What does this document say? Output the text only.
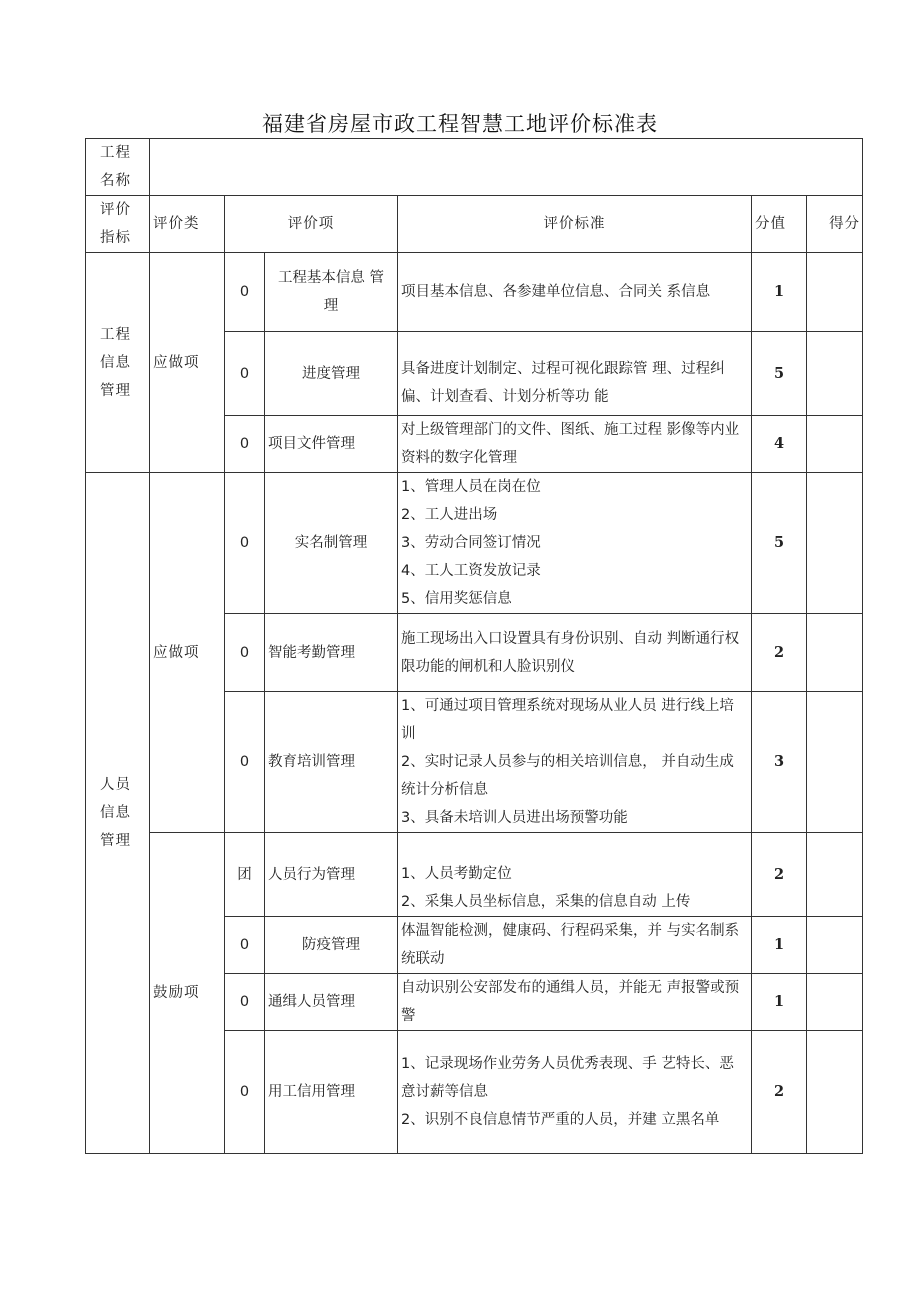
福建省房屋市政工程智慧工地评价标准表
工程名称						
评价指标	评价类	评价项		评价标准	分值	得分
工程信息管理	应做项	0	工程基本信息 管理	项目基本信息、各参建单位信息、合同关 系信息	1	
		0	进度管理	具备进度计划制定、过程可视化跟踪管 理、过程纠偏、计划查看、计划分析等功 能	5	
		0	项目文件管理	对上级管理部门的文件、图纸、施工过程 影像等内业资料的数字化管理	4	
人员信息管理	应做项	0	实名制管理	1、管理人员在岗在位
2、工人进出场
3、劳动合同签订情况
4、工人工资发放记录
5、信用奖惩信息	5	
		0	智能考勤管理	施工现场出入口设置具有身份识别、自动 判断通行权限功能的闸机和人脸识别仪	2	
		0	教育培训管理	1、可通过项目管理系统对现场从业人员 进行线上培训
2、实时记录人员参与的相关培训信息， 并自动生成统计分析信息
3、具备未培训人员进出场预警功能	3	
	鼓励项	团	人员行为管理	1、人员考勤定位
2、采集人员坐标信息，采集的信息自动 上传	2	
		0	防疫管理	体温智能检测，健康码、行程码采集，并 与实名制系统联动	1	
		0	通缉人员管理	自动识别公安部发布的通缉人员，并能无 声报警或预警	1	
		0	用工信用管理	1、记录现场作业劳务人员优秀表现、手 艺特长、恶意讨薪等信息
2、识别不良信息情节严重的人员，并建 立黑名单	2	
